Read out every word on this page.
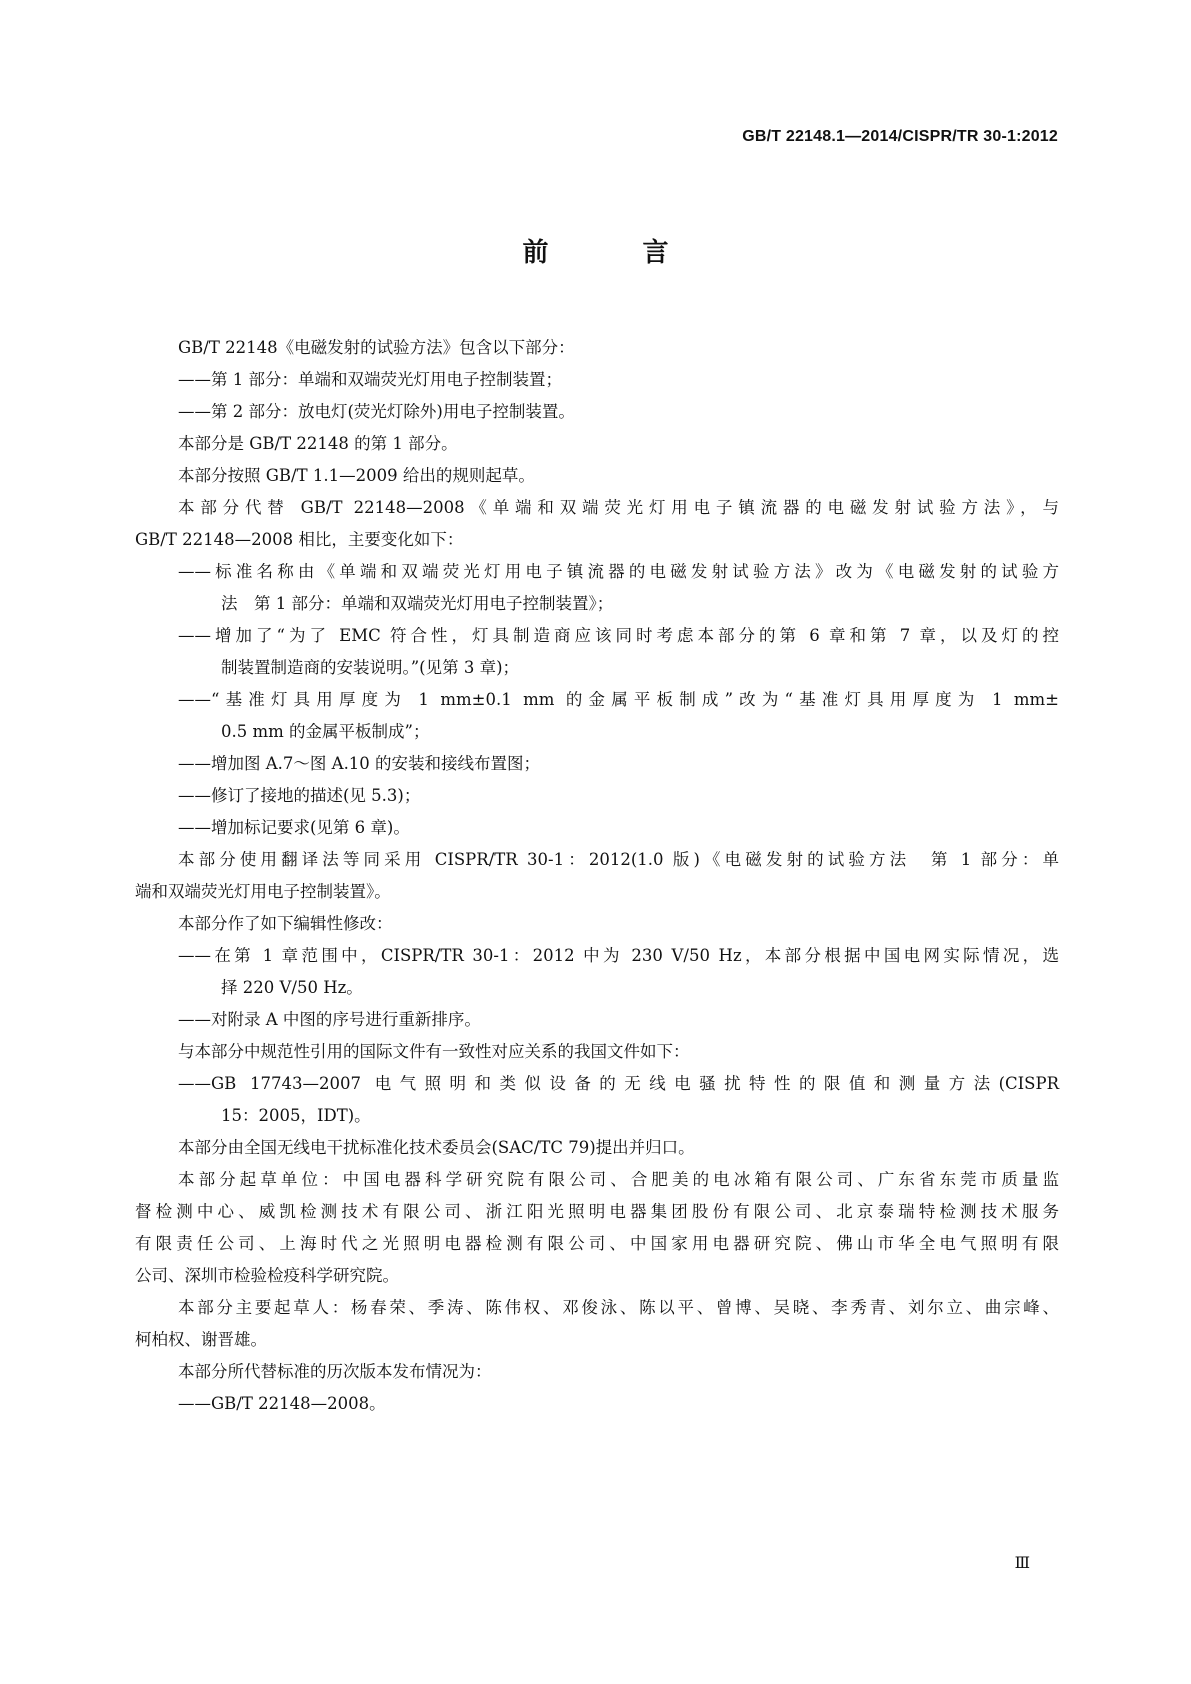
GB/T 22148.1—2014/CISPR/TR 30-1:2012
前　言
GB/T 22148《电磁发射的试验方法》包含以下部分：
——第 1 部分：单端和双端荧光灯用电子控制装置；
——第 2 部分：放电灯(荧光灯除外)用电子控制装置。
本部分是 GB/T 22148 的第 1 部分。
本部分按照 GB/T 1.1—2009 给出的规则起草。
本部分代替 GB/T 22148—2008《单端和双端荧光灯用电子镇流器的电磁发射试验方法》，与
GB/T 22148—2008 相比，主要变化如下：
——标准名称由《单端和双端荧光灯用电子镇流器的电磁发射试验方法》改为《电磁发射的试验方
法　第 1 部分：单端和双端荧光灯用电子控制装置》；
——增加了“为了 EMC 符合性，灯具制造商应该同时考虑本部分的第 6 章和第 7 章，以及灯的控
制装置制造商的安装说明。”(见第 3 章)；
——“基准灯具用厚度为 1 mm±0.1 mm 的金属平板制成”改为“基准灯具用厚度为 1 mm±
0.5 mm 的金属平板制成”；
——增加图 A.7～图 A.10 的安装和接线布置图；
——修订了接地的描述(见 5.3)；
——增加标记要求(见第 6 章)。
本部分使用翻译法等同采用 CISPR/TR 30-1：2012(1.0 版)《电磁发射的试验方法　第 1 部分：单
端和双端荧光灯用电子控制装置》。
本部分作了如下编辑性修改：
——在第 1 章范围中，CISPR/TR 30-1：2012 中为 230 V/50 Hz，本部分根据中国电网实际情况，选
择 220 V/50 Hz。
——对附录 A 中图的序号进行重新排序。
与本部分中规范性引用的国际文件有一致性对应关系的我国文件如下：
——GB 17743—2007 电气照明和类似设备的无线电骚扰特性的限值和测量方法(CISPR
15：2005，IDT)。
本部分由全国无线电干扰标准化技术委员会(SAC/TC 79)提出并归口。
本部分起草单位：中国电器科学研究院有限公司、合肥美的电冰箱有限公司、广东省东莞市质量监
督检测中心、威凯检测技术有限公司、浙江阳光照明电器集团股份有限公司、北京泰瑞特检测技术服务
有限责任公司、上海时代之光照明电器检测有限公司、中国家用电器研究院、佛山市华全电气照明有限
公司、深圳市检验检疫科学研究院。
本部分主要起草人：杨春荣、季涛、陈伟权、邓俊泳、陈以平、曾博、吴晓、李秀青、刘尔立、曲宗峰、
柯柏权、谢晋雄。
本部分所代替标准的历次版本发布情况为：
——GB/T 22148—2008。
Ⅲ
